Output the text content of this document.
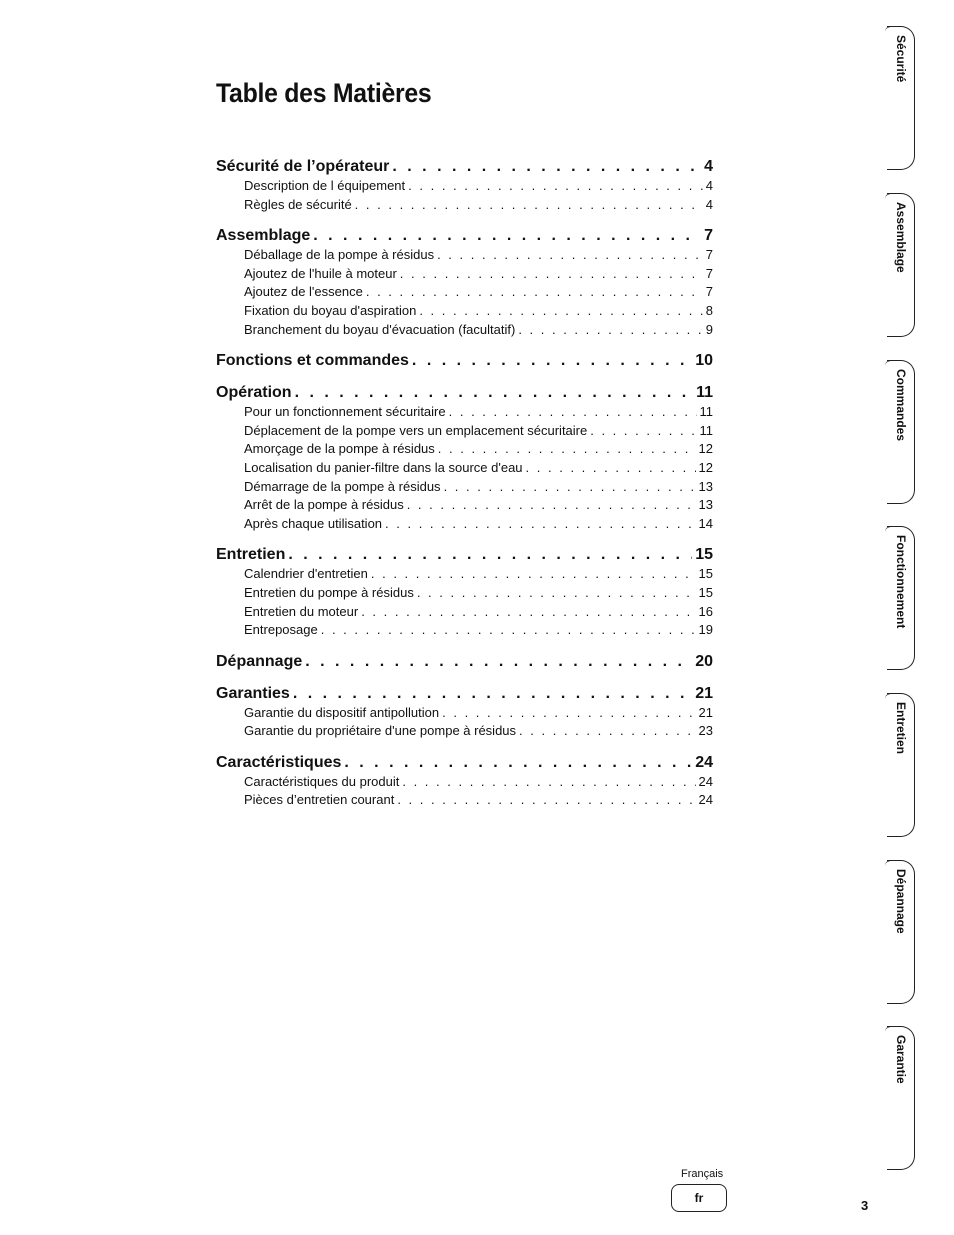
Table des Matières
Sécurité de l’opérateur . . .	4
Description de l équipement . . .	4
Règles de sécurité . . .	4
Assemblage . . .	7
Déballage de la pompe à résidus . . .	7
Ajoutez de l'huile à moteur . . .	7
Ajoutez de l'essence . . .	7
Fixation du boyau d'aspiration . . .	8
Branchement du boyau d'évacuation (facultatif) . . .	9
Fonctions et commandes . . .	10
Opération . . .	11
Pour un fonctionnement sécuritaire . . .	11
Déplacement de la pompe vers un emplacement sécuritaire . . .	11
Amorçage de la pompe à résidus . . .	12
Localisation du panier-filtre dans la source d'eau . . .	12
Démarrage de la pompe à résidus . . .	13
Arrêt de la pompe à résidus . . .	13
Après chaque utilisation . . .	14
Entretien . . .	15
Calendrier d'entretien . . .	15
Entretien du pompe à résidus . . .	15
Entretien du moteur . . .	16
Entreposage . . .	19
Dépannage . . .	20
Garanties . . .	21
Garantie du dispositif antipollution . . .	21
Garantie du propriétaire d'une pompe à résidus . . .	23
Caractéristiques . . .	24
Caractéristiques du produit . . .	24
Pièces d’entretien courant . . .	24
Sécurité
Assemblage
Commandes
Fonctionnement
Entretien
Dépannage
Garantie
Français
fr	3
